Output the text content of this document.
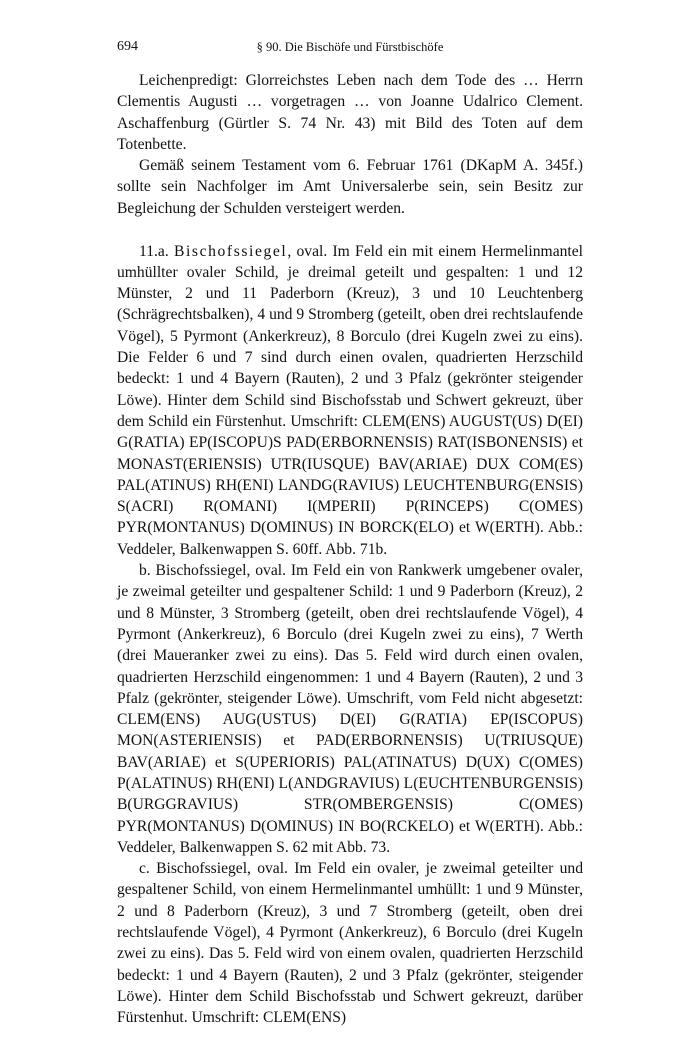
694	§ 90. Die Bischöfe und Fürstbischöfe

Leichenpredigt: Glorreichstes Leben nach dem Tode des … Herrn Clementis Augusti … vorgetragen … von Joanne Udalrico Clement. Aschaffenburg (Gürtler S. 74 Nr. 43) mit Bild des Toten auf dem Totenbette.

Gemäß seinem Testament vom 6. Februar 1761 (DKapM A. 345f.) sollte sein Nachfolger im Amt Universalerbe sein, sein Besitz zur Begleichung der Schulden versteigert werden.

11.a. Bischofssiegel, oval. Im Feld ein mit einem Hermelinmantel umhüllter ovaler Schild, je dreimal geteilt und gespalten: 1 und 12 Münster, 2 und 11 Paderborn (Kreuz), 3 und 10 Leuchtenberg (Schrägrechtsbalken), 4 und 9 Stromberg (geteilt, oben drei rechtslaufende Vögel), 5 Pyrmont (Ankerkreuz), 8 Borculo (drei Kugeln zwei zu eins). Die Felder 6 und 7 sind durch einen ovalen, quadrierten Herzschild bedeckt: 1 und 4 Bayern (Rauten), 2 und 3 Pfalz (gekrönter steigender Löwe). Hinter dem Schild sind Bischofsstab und Schwert gekreuzt, über dem Schild ein Fürstenhut. Umschrift: CLEM(ENS) AUGUST(US) D(EI) G(RATIA) EP(ISCOPU)S PAD(ERBORNENSIS) RAT(ISBONENSIS) et MONAST(ERIENSIS) UTR(IUSQUE) BAV(ARIAE) DUX COM(ES) PAL(ATINUS) RH(ENI) LANDG(RAVIUS) LEUCHTENBURG(ENSIS) S(ACRI) R(OMANI) I(MPERII) P(RINCEPS) C(OMES) PYR(MONTANUS) D(OMINUS) IN BORCK(ELO) et W(ERTH). Abb.: Veddeler, Balkenwappen S. 60ff. Abb. 71b.

b. Bischofssiegel, oval. Im Feld ein von Rankwerk umgebener ovaler, je zweimal geteilter und gespaltener Schild: 1 und 9 Paderborn (Kreuz), 2 und 8 Münster, 3 Stromberg (geteilt, oben drei rechtslaufende Vögel), 4 Pyrmont (Ankerkreuz), 6 Borculo (drei Kugeln zwei zu eins), 7 Werth (drei Maueranker zwei zu eins). Das 5. Feld wird durch einen ovalen, quadrierten Herzschild eingenommen: 1 und 4 Bayern (Rauten), 2 und 3 Pfalz (gekrönter, steigender Löwe). Umschrift, vom Feld nicht abgesetzt: CLEM(ENS) AUG(USTUS) D(EI) G(RATIA) EP(ISCOPUS) MON(ASTERIENSIS) et PAD(ERBORNENSIS) U(TRIUSQUE) BAV(ARIAE) et S(UPERIORIS) PAL(ATINATUS) D(UX) C(OMES) P(ALATINUS) RH(ENI) L(ANDGRAVIUS) L(EUCHTENBURGENSIS) B(URGGRAVIUS) STR(OMBERGENSIS) C(OMES) PYR(MONTANUS) D(OMINUS) IN BO(RCKELO) et W(ERTH). Abb.: Veddeler, Balkenwappen S. 62 mit Abb. 73.

c. Bischofssiegel, oval. Im Feld ein ovaler, je zweimal geteilter und gespaltener Schild, von einem Hermelinmantel umhüllt: 1 und 9 Münster, 2 und 8 Paderborn (Kreuz), 3 und 7 Stromberg (geteilt, oben drei rechtslaufende Vögel), 4 Pyrmont (Ankerkreuz), 6 Borculo (drei Kugeln zwei zu eins). Das 5. Feld wird von einem ovalen, quadrierten Herzschild bedeckt: 1 und 4 Bayern (Rauten), 2 und 3 Pfalz (gekrönter, steigender Löwe). Hinter dem Schild Bischofsstab und Schwert gekreuzt, darüber Fürstenhut. Umschrift: CLEM(ENS)
